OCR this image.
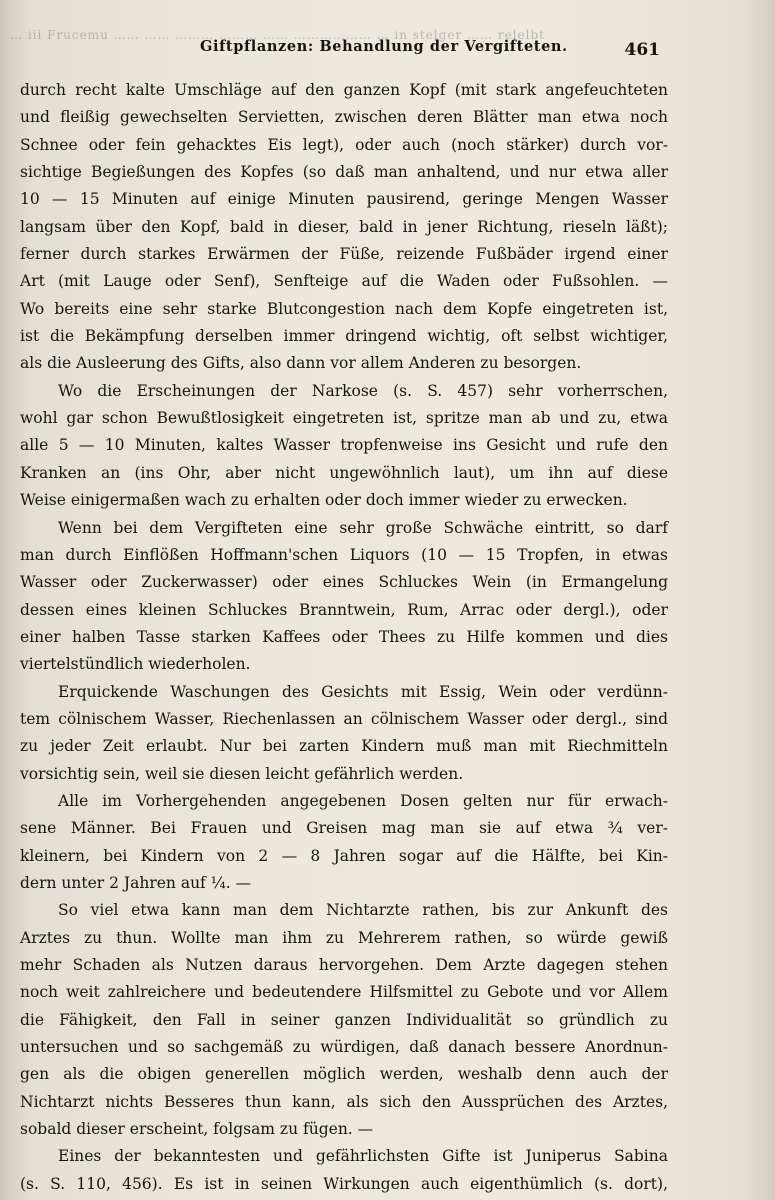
… iii Frucemu …… …… ……… ……… …… ……………… … in stelger …… relelbt
Giftpflanzen: Behandlung der Vergifteten.	461
durch recht kalte Umschläge auf den ganzen Kopf (mit stark angefeuchteten
und fleißig gewechselten Servietten, zwischen deren Blätter man etwa noch
Schnee oder fein gehacktes Eis legt), oder auch (noch stärker) durch vor-
sichtige Begießungen des Kopfes (so daß man anhaltend, und nur etwa aller
10 — 15 Minuten auf einige Minuten pausirend, geringe Mengen Wasser
langsam über den Kopf, bald in dieser, bald in jener Richtung, rieseln läßt);
ferner durch starkes Erwärmen der Füße, reizende Fußbäder irgend einer
Art (mit Lauge oder Senf), Senfteige auf die Waden oder Fußsohlen. —
Wo bereits eine sehr starke Blutcongestion nach dem Kopfe eingetreten ist,
ist die Bekämpfung derselben immer dringend wichtig, oft selbst wichtiger,
als die Ausleerung des Gifts, also dann vor allem Anderen zu besorgen.
Wo die Erscheinungen der Narkose (s. S. 457) sehr vorherrschen,
wohl gar schon Bewußtlosigkeit eingetreten ist, spritze man ab und zu, etwa
alle 5 — 10 Minuten, kaltes Wasser tropfenweise ins Gesicht und rufe den
Kranken an (ins Ohr, aber nicht ungewöhnlich laut), um ihn auf diese
Weise einigermaßen wach zu erhalten oder doch immer wieder zu erwecken.
Wenn bei dem Vergifteten eine sehr große Schwäche eintritt, so darf
man durch Einflößen Hoffmann'schen Liquors (10 — 15 Tropfen, in etwas
Wasser oder Zuckerwasser) oder eines Schluckes Wein (in Ermangelung
dessen eines kleinen Schluckes Branntwein, Rum, Arrac oder dergl.), oder
einer halben Tasse starken Kaffees oder Thees zu Hilfe kommen und dies
viertelstündlich wiederholen.
Erquickende Waschungen des Gesichts mit Essig, Wein oder verdünn-
tem cölnischem Wasser, Riechenlassen an cölnischem Wasser oder dergl., sind
zu jeder Zeit erlaubt. Nur bei zarten Kindern muß man mit Riechmitteln
vorsichtig sein, weil sie diesen leicht gefährlich werden.
Alle im Vorhergehenden angegebenen Dosen gelten nur für erwach-
sene Männer. Bei Frauen und Greisen mag man sie auf etwa ¾ ver-
kleinern, bei Kindern von 2 — 8 Jahren sogar auf die Hälfte, bei Kin-
dern unter 2 Jahren auf ¼. —
So viel etwa kann man dem Nichtarzte rathen, bis zur Ankunft des
Arztes zu thun. Wollte man ihm zu Mehrerem rathen, so würde gewiß
mehr Schaden als Nutzen daraus hervorgehen. Dem Arzte dagegen stehen
noch weit zahlreichere und bedeutendere Hilfsmittel zu Gebote und vor Allem
die Fähigkeit, den Fall in seiner ganzen Individualität so gründlich zu
untersuchen und so sachgemäß zu würdigen, daß danach bessere Anordnun-
gen als die obigen generellen möglich werden, weshalb denn auch der
Nichtarzt nichts Besseres thun kann, als sich den Aussprüchen des Arztes,
sobald dieser erscheint, folgsam zu fügen. —
Eines der bekanntesten und gefährlichsten Gifte ist Juniperus Sabina
(s. S. 110, 456). Es ist in seinen Wirkungen auch eigenthümlich (s. dort),
